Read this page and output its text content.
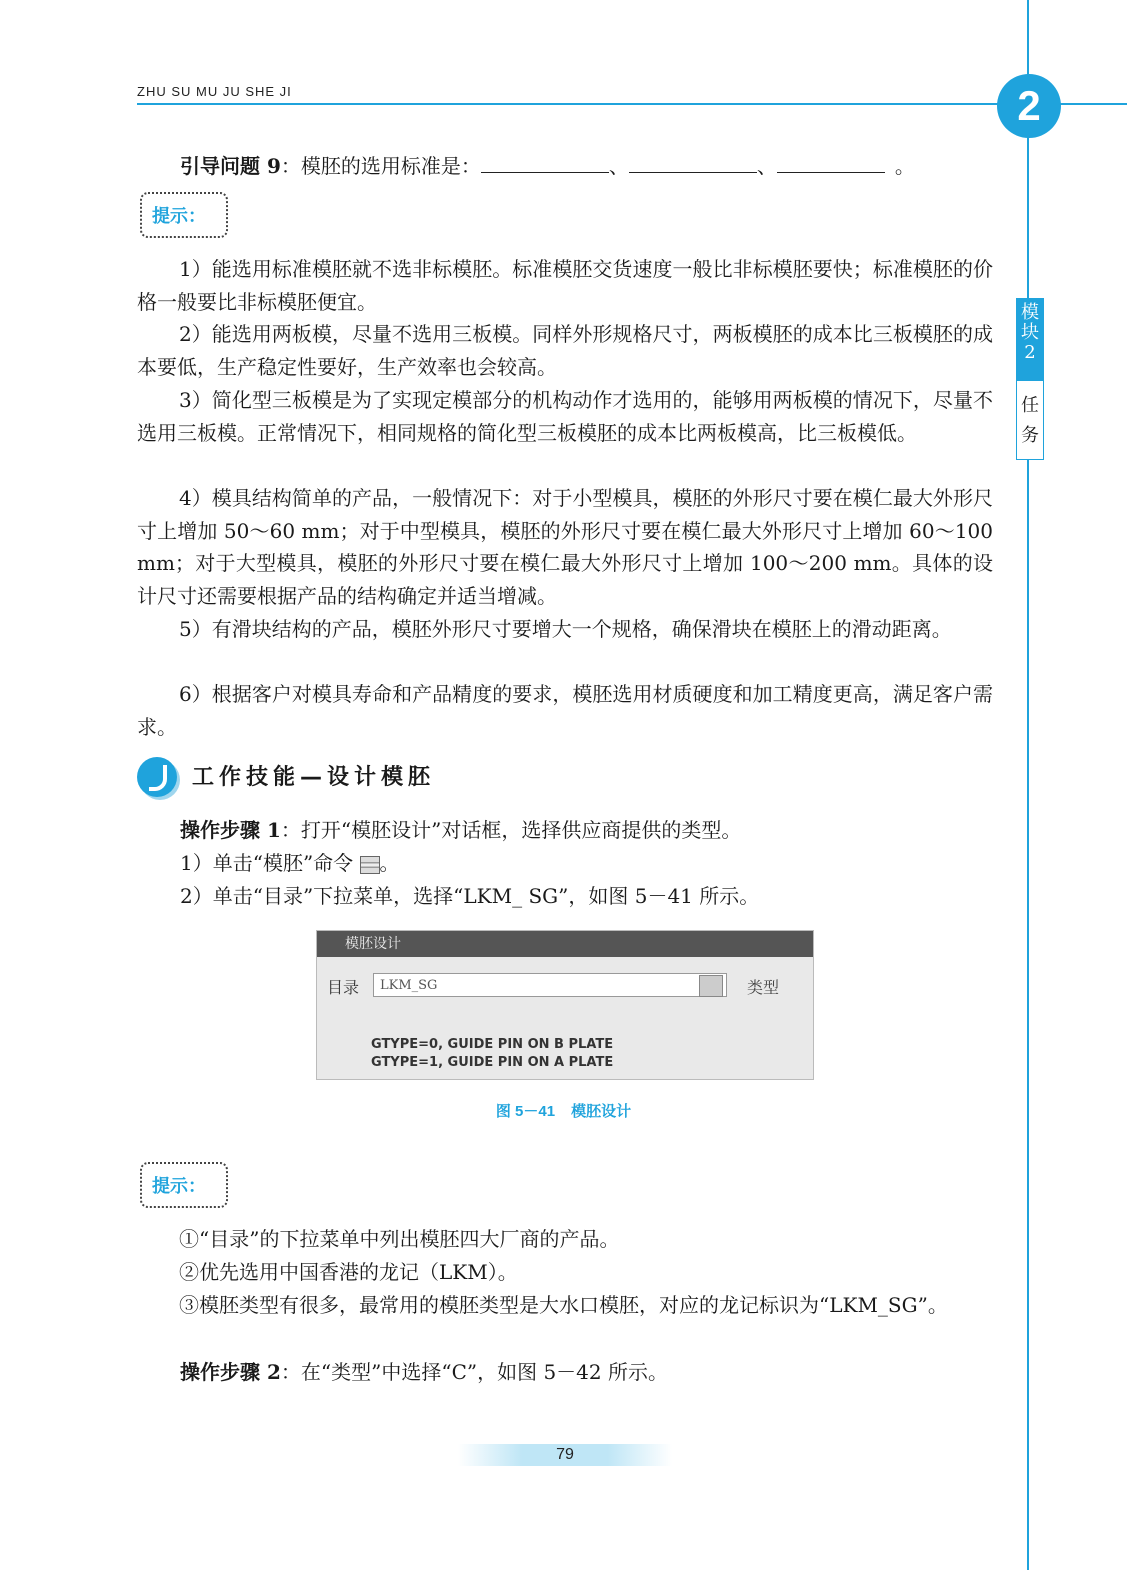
ZHU SU MU JU SHE JI	2
模块2
任务
引导问题 9：模胚的选用标准是：	、	、	。
提示：
1）能选用标准模胚就不选非标模胚。标准模胚交货速度一般比非标模胚要快；标准模胚的价格一般要比非标模胚便宜。
2）能选用两板模，尽量不选用三板模。同样外形规格尺寸，两板模胚的成本比三板模胚的成本要低，生产稳定性要好，生产效率也会较高。
3）简化型三板模是为了实现定模部分的机构动作才选用的，能够用两板模的情况下，尽量不选用三板模。正常情况下，相同规格的简化型三板模胚的成本比两板模高，比三板模低。
4）模具结构简单的产品，一般情况下：对于小型模具，模胚的外形尺寸要在模仁最大外形尺寸上增加 50～60 mm；对于中型模具，模胚的外形尺寸要在模仁最大外形尺寸上增加 60～100 mm；对于大型模具，模胚的外形尺寸要在模仁最大外形尺寸上增加 100～200 mm。具体的设计尺寸还需要根据产品的结构确定并适当增减。
5）有滑块结构的产品，模胚外形尺寸要增大一个规格，确保滑块在模胚上的滑动距离。
6）根据客户对模具寿命和产品精度的要求，模胚选用材质硬度和加工精度更高，满足客户需求。
工作技能—设计模胚
操作步骤 1：打开“模胚设计”对话框，选择供应商提供的类型。
1）单击“模胚”命令 。
2）单击“目录”下拉菜单，选择“LKM_ SG”，如图 5－41 所示。
模胚设计
目录	LKM_SG	类型
GTYPE=0, GUIDE PIN ON B PLATE
GTYPE=1, GUIDE PIN ON A PLATE
图 5－41 模胚设计
提示：
①“目录”的下拉菜单中列出模胚四大厂商的产品。
②优先选用中国香港的龙记（LKM）。
③模胚类型有很多，最常用的模胚类型是大水口模胚，对应的龙记标识为“LKM_SG”。
操作步骤 2：在“类型”中选择“C”，如图 5－42 所示。
79
